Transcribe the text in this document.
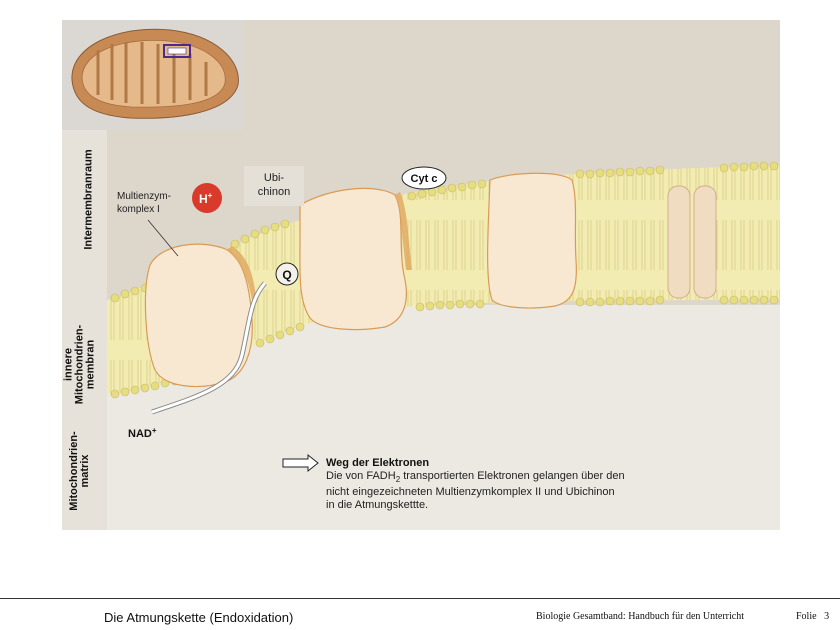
H+
Ubi-
chinon
Cyt c
Q
Multienzym-
komplex I
NAD+
Intermembranraum
innere Mitochondrien- membran
Mitochondrien- matrix	Weg der Elektronen
Die von $FADH_2$ transportierten Elektronen gelangen über den nicht eingezeichneten Multienzymkomplex II und Ubichinon in die Atmungskettte.
Die Atmungskette (Endoxidation)	Biologie Gesamtband: Handbuch für den Unterricht	Folie 3
